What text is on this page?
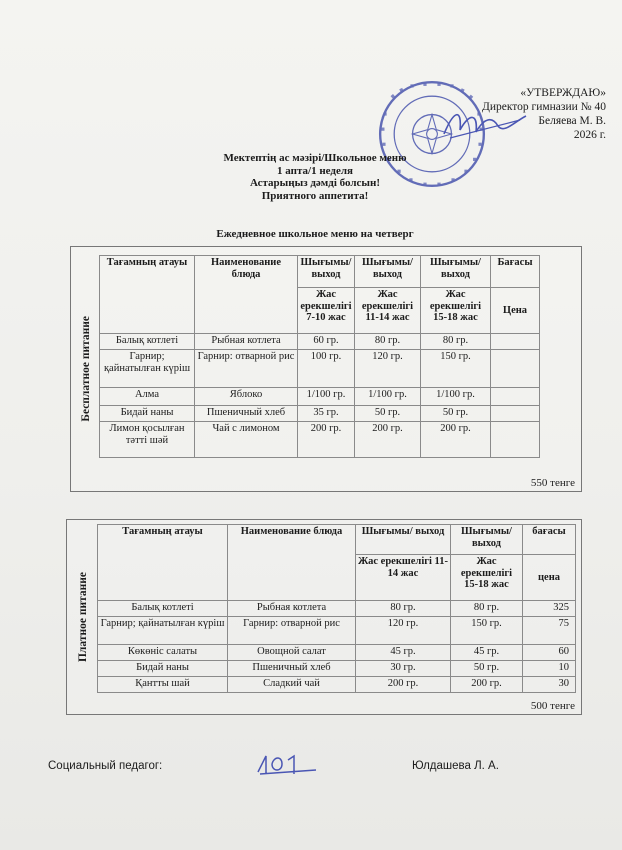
«УТВЕРЖДАЮ»
Директор гимназии № 40
Беляева М. В.
2026 г.
Мектептің ас мәзірі/Школьное меню
1 апта/1 неделя
Астарыңыз дәмді болсын!
Приятного аппетита!
Ежедневное школьное меню на четверг
Бесплатное питание
Тағамның атауы	Наименование блюда	Шығымы/ выход	Шығымы/ выход	Шығымы/ выход	Бағасы
		Жас ерекшелігі 7-10 жас	Жас ерекшелігі 11-14 жас	Жас ерекшелігі 15-18 жас	Цена
Балық котлеті	Рыбная котлета	60 гр.	80 гр.	80 гр.	
Гарнир; қайнатылған күріш	Гарнир: отварной рис	100 гр.	120 гр.	150 гр.	
Алма	Яблоко	1/100 гр.	1/100 гр.	1/100 гр.	
Бидай наны	Пшеничный хлеб	35 гр.	50 гр.	50 гр.	
Лимон қосылған тәтті шәй	Чай с лимоном	200 гр.	200 гр.	200 гр.	
550 тенге
Платное питание
Тағамның атауы	Наименование блюда	Шығымы/ выход	Шығымы/ выход	бағасы
		Жас ерекшелігі 11-14 жас	Жас ерекшелігі 15-18 жас	цена
Балық котлеті	Рыбная котлета	80 гр.	80 гр.	325
Гарнир; қайнатылған күріш	Гарнир: отварной рис	120 гр.	150 гр.	75
Көкөніс салаты	Овощной салат	45 гр.	45 гр.	60
Бидай наны	Пшеничный хлеб	30 гр.	50 гр.	10
Қантты шай	Сладкий чай	200 гр.	200 гр.	30
500 тенге
Социальный педагог:	Юлдашева Л. А.
